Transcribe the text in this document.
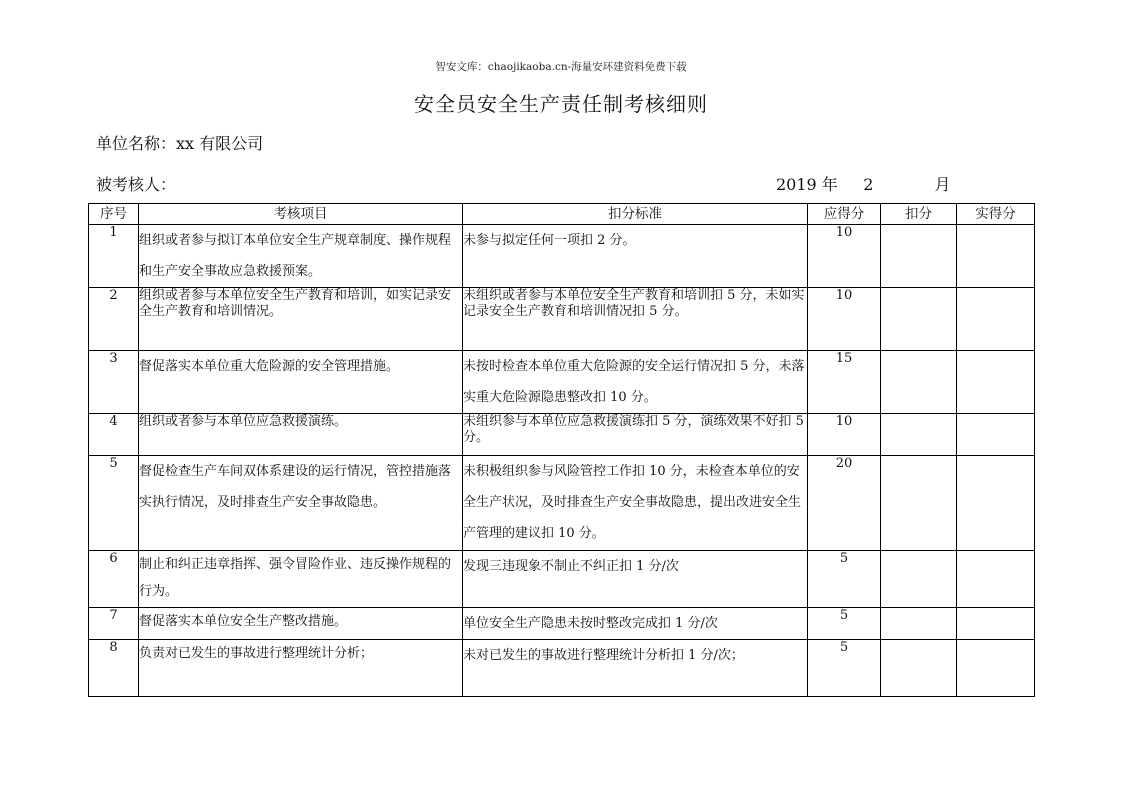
智安文库：chaojikaoba.cn-海量安环建资料免费下载
安全员安全生产责任制考核细则
单位名称：xx 有限公司
被考核人：	2019 年     2            月
序号	考核项目	扣分标准	应得分	扣分	实得分
1	组织或者参与拟订本单位安全生产规章制度、操作规程和生产安全事故应急救援预案。	未参与拟定任何一项扣 2 分。	10		
2	组织或者参与本单位安全生产教育和培训，如实记录安全生产教育和培训情况。	未组织或者参与本单位安全生产教育和培训扣 5 分，未如实记录安全生产教育和培训情况扣 5 分。	10		
3	督促落实本单位重大危险源的安全管理措施。	未按时检查本单位重大危险源的安全运行情况扣 5 分，未落实重大危险源隐患整改扣 10 分。	15		
4	组织或者参与本单位应急救援演练。	未组织参与本单位应急救援演练扣 5 分，演练效果不好扣 5 分。	10		
5	督促检查生产车间双体系建设的运行情况，管控措施落实执行情况，及时排查生产安全事故隐患。	未积极组织参与风险管控工作扣 10 分，未检查本单位的安全生产状况，及时排查生产安全事故隐患，提出改进安全生产管理的建议扣 10 分。	20		
6	制止和纠正违章指挥、强令冒险作业、违反操作规程的行为。	发现三违现象不制止不纠正扣 1 分/次	5		
7	督促落实本单位安全生产整改措施。	单位安全生产隐患未按时整改完成扣 1 分/次	5		
8	负责对已发生的事故进行整理统计分析；	未对已发生的事故进行整理统计分析扣 1 分/次；	5		
